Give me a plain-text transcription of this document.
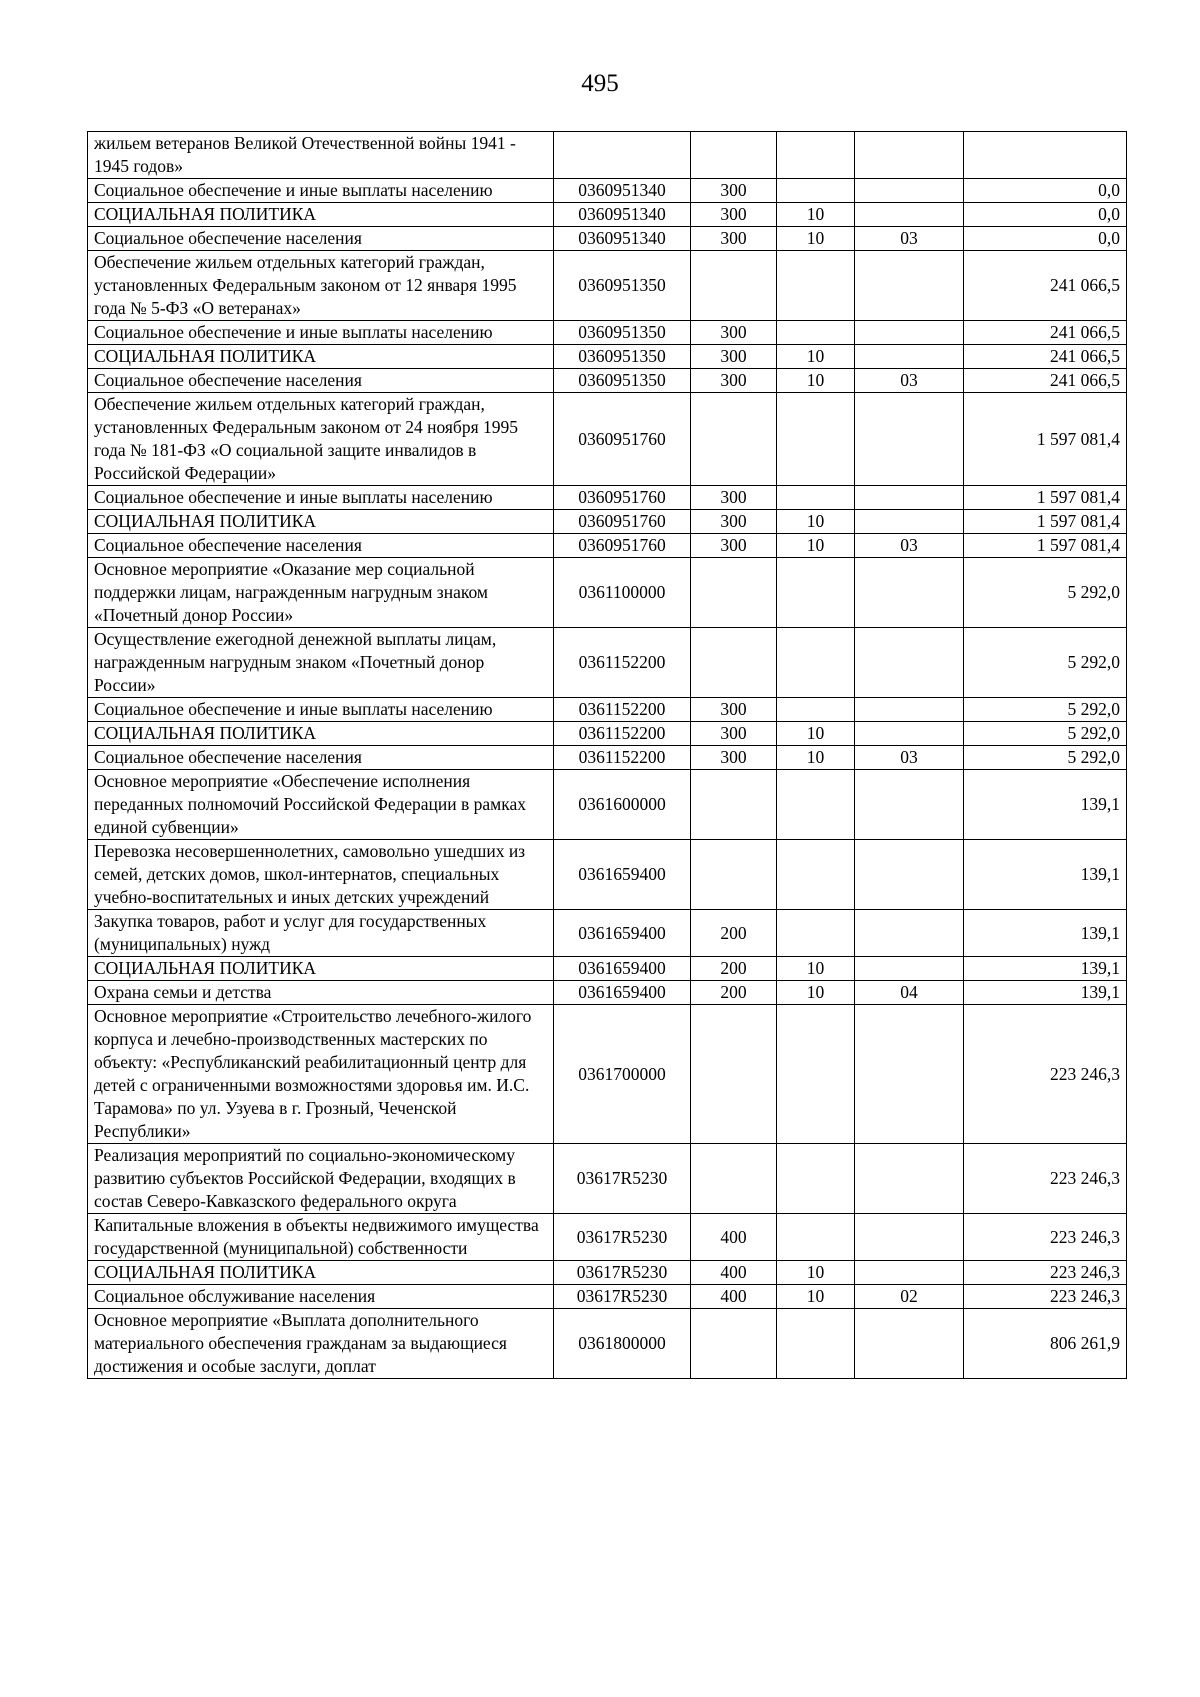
495
жильем ветеранов Великой Отечественной войны 1941 - 1945 годов»					
Социальное обеспечение и иные выплаты населению	0360951340	300			0,0
СОЦИАЛЬНАЯ ПОЛИТИКА	0360951340	300	10		0,0
Социальное обеспечение населения	0360951340	300	10	03	0,0
Обеспечение жильем отдельных категорий граждан, установленных Федеральным законом от 12 января 1995 года № 5-ФЗ «О ветеранах»	0360951350				241 066,5
Социальное обеспечение и иные выплаты населению	0360951350	300			241 066,5
СОЦИАЛЬНАЯ ПОЛИТИКА	0360951350	300	10		241 066,5
Социальное обеспечение населения	0360951350	300	10	03	241 066,5
Обеспечение жильем отдельных категорий граждан, установленных Федеральным законом от 24 ноября 1995 года № 181-ФЗ «О социальной защите инвалидов в Российской Федерации»	0360951760				1 597 081,4
Социальное обеспечение и иные выплаты населению	0360951760	300			1 597 081,4
СОЦИАЛЬНАЯ ПОЛИТИКА	0360951760	300	10		1 597 081,4
Социальное обеспечение населения	0360951760	300	10	03	1 597 081,4
Основное мероприятие «Оказание мер социальной поддержки лицам, награжденным нагрудным знаком «Почетный донор России»	0361100000				5 292,0
Осуществление ежегодной денежной выплаты лицам, награжденным нагрудным знаком «Почетный донор России»	0361152200				5 292,0
Социальное обеспечение и иные выплаты населению	0361152200	300			5 292,0
СОЦИАЛЬНАЯ ПОЛИТИКА	0361152200	300	10		5 292,0
Социальное обеспечение населения	0361152200	300	10	03	5 292,0
Основное мероприятие «Обеспечение исполнения переданных полномочий Российской Федерации в рамках единой субвенции»	0361600000				139,1
Перевозка несовершеннолетних, самовольно ушедших из семей, детских домов, школ-интернатов, специальных учебно-воспитательных и иных детских учреждений	0361659400				139,1
Закупка товаров, работ и услуг для государственных (муниципальных) нужд	0361659400	200			139,1
СОЦИАЛЬНАЯ ПОЛИТИКА	0361659400	200	10		139,1
Охрана семьи и детства	0361659400	200	10	04	139,1
Основное мероприятие «Строительство лечебного-жилого корпуса и лечебно-производственных мастерских по объекту: «Республиканский реабилитационный центр для детей с ограниченными возможностями здоровья им. И.С. Тарамова» по ул. Узуева в г. Грозный, Чеченской Республики»	0361700000				223 246,3
Реализация мероприятий по социально-экономическому развитию субъектов Российской Федерации, входящих в состав Северо-Кавказского федерального округа	03617R5230				223 246,3
Капитальные вложения в объекты недвижимого имущества государственной (муниципальной) собственности	03617R5230	400			223 246,3
СОЦИАЛЬНАЯ ПОЛИТИКА	03617R5230	400	10		223 246,3
Социальное обслуживание населения	03617R5230	400	10	02	223 246,3
Основное мероприятие «Выплата дополнительного материального обеспечения гражданам за выдающиеся достижения и особые заслуги, доплат	0361800000				806 261,9
